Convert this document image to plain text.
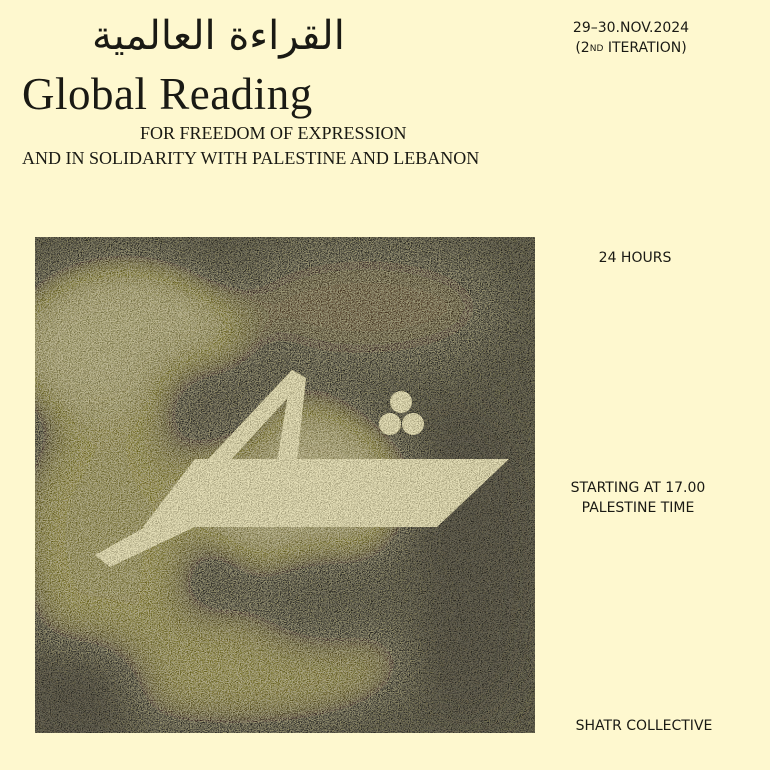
القراءة العالمية
Global Reading
FOR FREEDOM OF EXPRESSION
AND IN SOLIDARITY WITH PALESTINE AND LEBANON
29–30.NOV.2024
(2ND ITERATION)
24 HOURS
STARTING AT 17.00
PALESTINE TIME
SHATR COLLECTIVE
